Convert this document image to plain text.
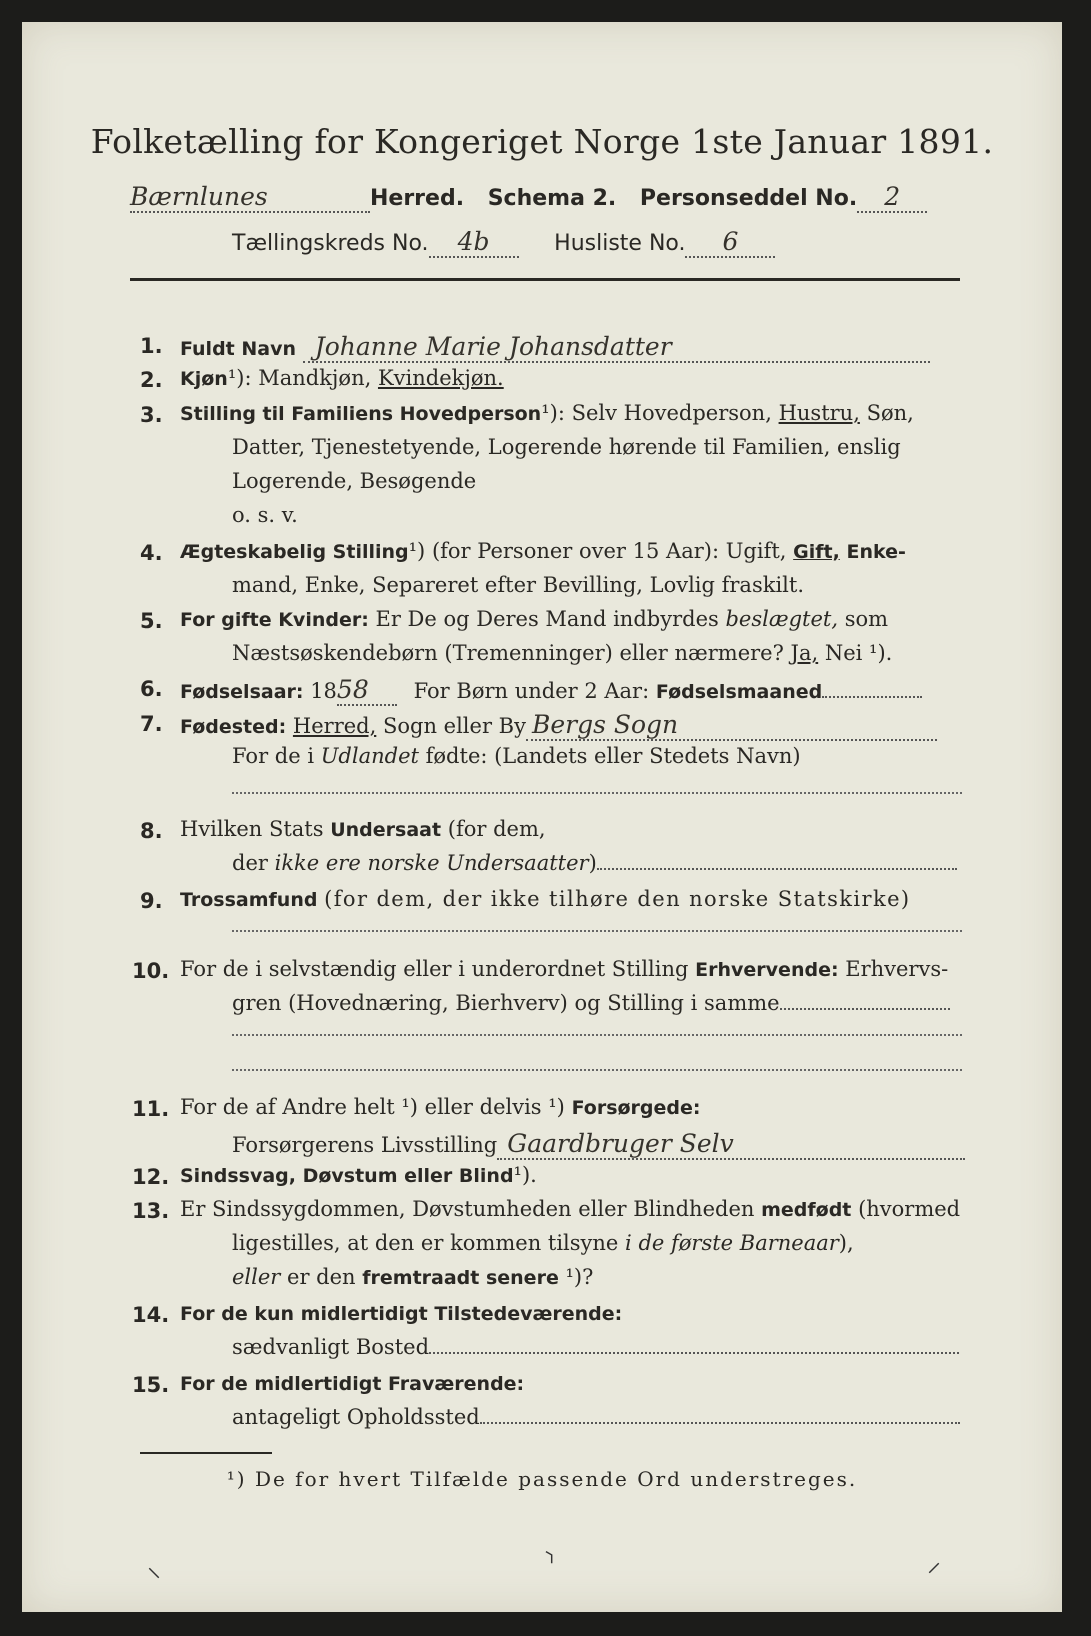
Folketælling for Kongeriget Norge 1ste Januar 1891.
Bærnlunes	Herred. Schema 2. Personseddel No. 2
Tællingskreds No. 4b	Husliste No. 6
1. Fuldt Navn Johanne Marie Johansdatter
2. Kjøn¹): Mandkjøn, Kvindekjøn.
3. Stilling til Familiens Hovedperson¹): Selv Hovedperson, Hustru, Søn,
Datter, Tjenestetyende, Logerende hørende til Familien, enslig
Logerende, Besøgende
o. s. v.
4. Ægteskabelig Stilling¹) (for Personer over 15 Aar): Ugift, Gift, Enke-
mand, Enke, Separeret efter Bevilling, Lovlig fraskilt.
5. For gifte Kvinder: Er De og Deres Mand indbyrdes beslægtet, som
Næstsøskendebørn (Tremenninger) eller nærmere? Ja, Nei ¹).
6. Fødselsaar: 1858 For Børn under 2 Aar: Fødselsmaaned
7. Fødested: Herred, Sogn eller By Bergs Sogn
For de i Udlandet fødte: (Landets eller Stedets Navn)
8. Hvilken Stats Undersaat (for dem,
der ikke ere norske Undersaatter)
9. Trossamfund (for dem, der ikke tilhøre den norske Statskirke)
10. For de i selvstændig eller i underordnet Stilling Erhvervende: Erhvervs-
gren (Hovednæring, Bierhverv) og Stilling i samme
11. For de af Andre helt ¹) eller delvis ¹) Forsørgede:
Forsørgerens Livsstilling Gaardbruger Selv
12. Sindssvag, Døvstum eller Blind¹).
13. Er Sindssygdommen, Døvstumheden eller Blindheden medfødt (hvormed
ligestilles, at den er kommen tilsyne i de første Barneaar),
eller er den fremtraadt senere ¹)?
14. For de kun midlertidigt Tilstedeværende:
sædvanligt Bosted
15. For de midlertidigt Fraværende:
antageligt Opholdssted
¹) De for hvert Tilfælde passende Ord understreges.
⸜	⸃	⸝
